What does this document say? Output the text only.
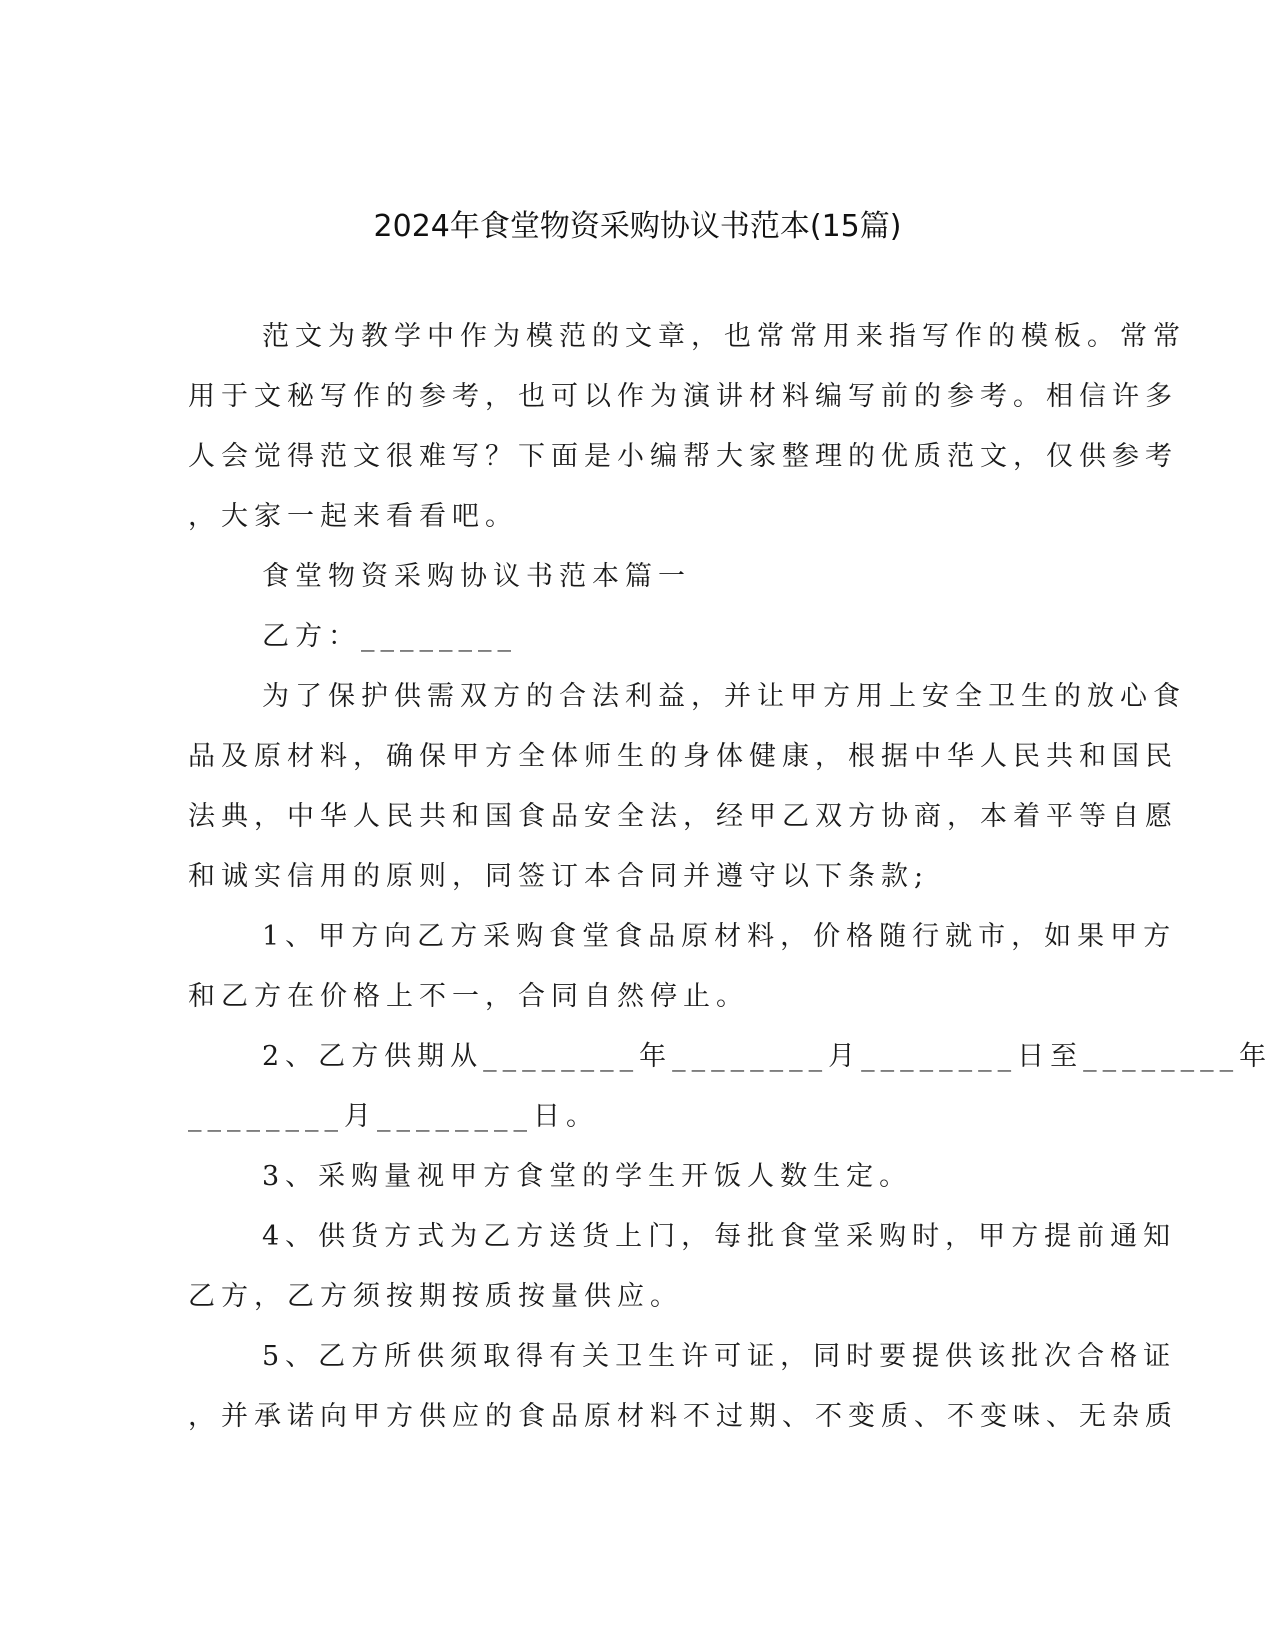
2024年食堂物资采购协议书范本(15篇)
范文为教学中作为模范的文章，也常常用来指写作的模板。常常
用于文秘写作的参考，也可以作为演讲材料编写前的参考。相信许多
人会觉得范文很难写？下面是小编帮大家整理的优质范文，仅供参考
，大家一起来看看吧。
食堂物资采购协议书范本篇一
乙方：________
为了保护供需双方的合法利益，并让甲方用上安全卫生的放心食
品及原材料，确保甲方全体师生的身体健康，根据中华人民共和国民
法典，中华人民共和国食品安全法，经甲乙双方协商，本着平等自愿
和诚实信用的原则，同签订本合同并遵守以下条款;
1、甲方向乙方采购食堂食品原材料，价格随行就市，如果甲方
和乙方在价格上不一，合同自然停止。
2、乙方供期从________年________月________日至________年
________月________日。
3、采购量视甲方食堂的学生开饭人数生定。
4、供货方式为乙方送货上门，每批食堂采购时，甲方提前通知
乙方，乙方须按期按质按量供应。
5、乙方所供须取得有关卫生许可证，同时要提供该批次合格证
，并承诺向甲方供应的食品原材料不过期、不变质、不变味、无杂质
